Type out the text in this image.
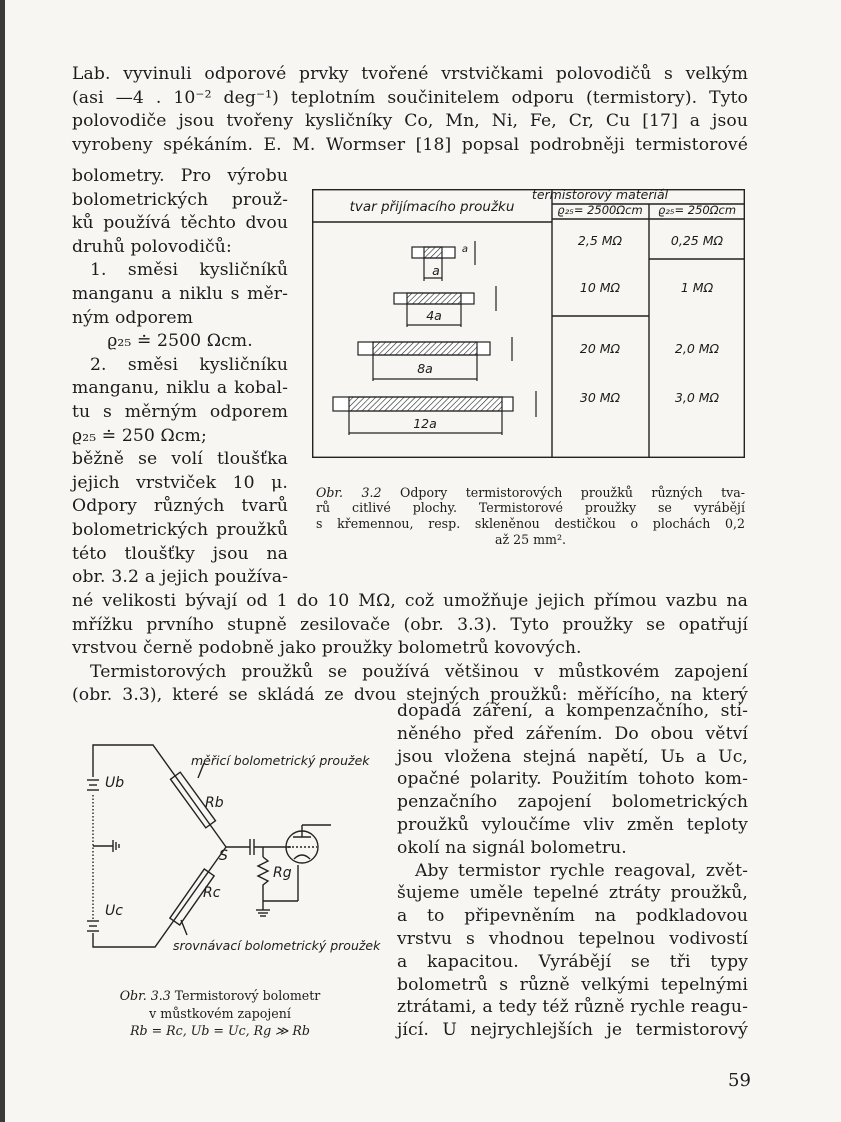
Lab. vyvinuli odporové prvky tvořené vrstvičkami polovodičů s velkým
(asi —4 . 10⁻² deg⁻¹) teplotním součinitelem odporu (termistory). Tyto
polovodiče jsou tvořeny kysličníky Co, Mn, Ni, Fe, Cr, Cu [17] a jsou
vyrobeny spékáním. E. M. Wormser [18] popsal podrobněji termistorové
bolometry. Pro výrobu
bolometrických prouž-
ků používá těchto dvou
druhů polovodičů:
1. směsi kysličníků
manganu a niklu s měr-
ným odporem
ϱ₂₅ ≐ 2500 Ωcm.
2. směsi kysličníku
manganu, niklu a kobal-
tu s měrným odporem
ϱ₂₅ ≐ 250 Ωcm;
běžně se volí tloušťka
jejich vrstviček 10 μ.
Odpory různých tvarů
bolometrických proužků
této tloušťky jsou na
obr. 3.2 a jejich používa-
né velikosti bývají od 1 do 10 MΩ, což umožňuje jejich přímou vazbu na
mřížku prvního stupně zesilovače (obr. 3.3). Tyto proužky se opatřují
vrstvou černě podobně jako proužky bolometrů kovových.
Termistorových proužků se používá většinou v můstkovém zapojení
(obr. 3.3), které se skládá ze dvou stejných proužků: měřícího, na který
dopadá záření, a kompenzačního, stí-
něného před zářením. Do obou větví
jsou vložena stejná napětí, Uь a Uc,
opačné polarity. Použitím tohoto kom-
penzačního zapojení bolometrických
proužků vyloučíme vliv změn teploty
okolí na signál bolometru.
Aby termistor rychle reagoval, zvět-
šujeme uměle tepelné ztráty proužků,
a to připevněním na podkladovou
vrstvu s vhodnou tepelnou vodivostí
a kapacitou. Vyrábějí se tři typy
bolometrů s různě velkými tepelnými
ztrátami, a tedy též různě rychle reagu-
jící. U nejrychlejších je termistorový
tvar přijímacího proužku
termistorový materiál
ϱ₂₅= 2500Ωcm ϱ₂₅= 250Ωcm
a
4a
8a
12a
a
2,5 MΩ
10 MΩ
20 MΩ
30 MΩ
0,25 MΩ
1 MΩ
2,0 MΩ
3,0 MΩ
Obr. 3.2 Odpory termistorových proužků různých tva-
rů citlivé plochy. Termistorové proužky se vyrábějí
s křemennou, resp. skleněnou destičkou o plochách 0,2
až 25 mm².
měřicí bolometrický proužek
srovnávací bolometrický proužek
Ub
Uc
Rb
Rc
Rg
S
Obr. 3.3 Termistorový bolometr
v můstkovém zapojení
Rb = Rc, Ub = Uc, Rg ≫ Rb
59
